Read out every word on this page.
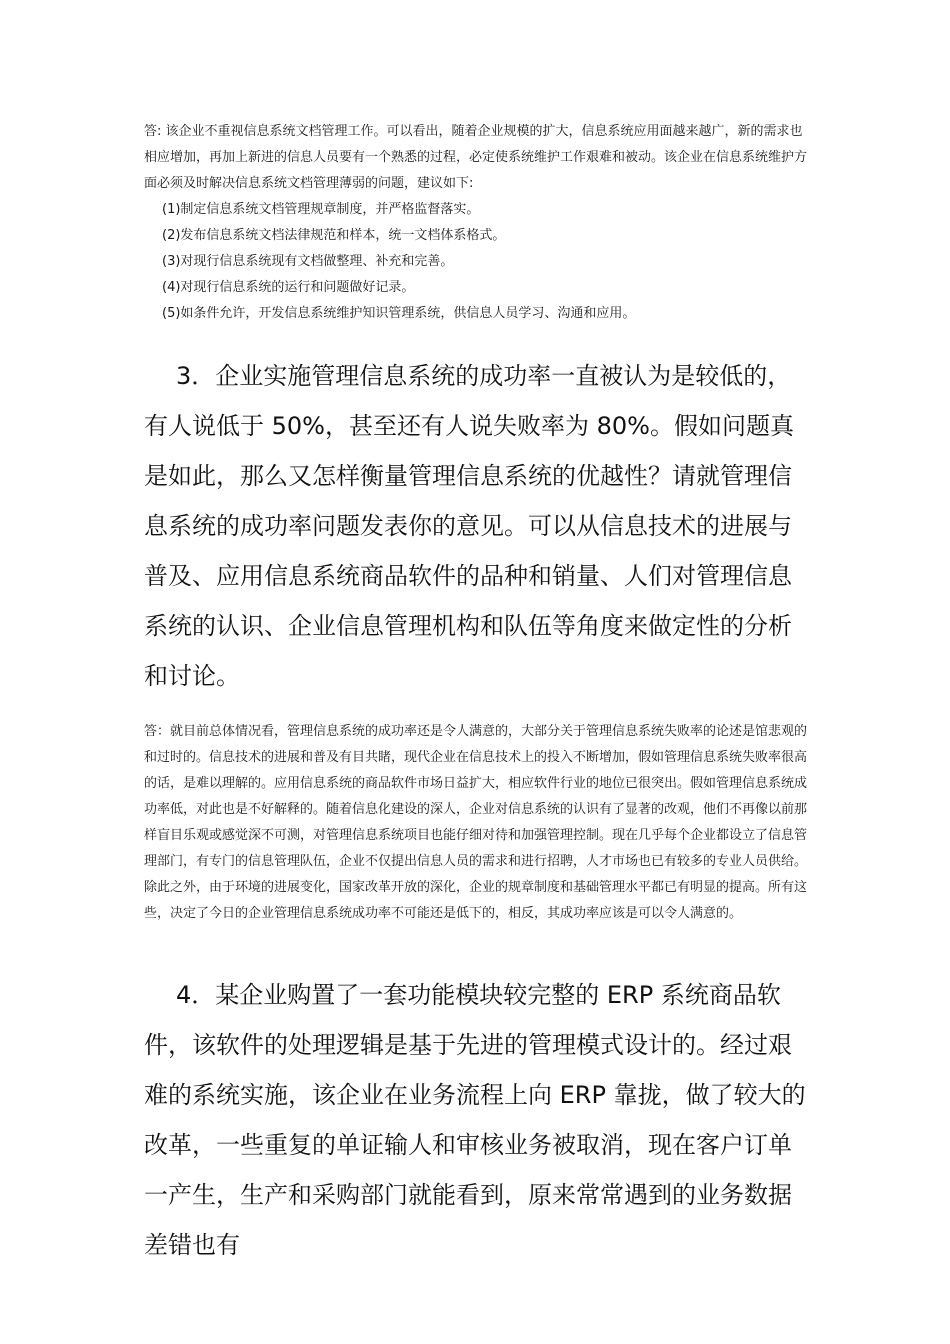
答: 该企业不重视信息系统文档管理工作。可以看出，随着企业规模的扩大，信息系统应用面越来越广，新的需求也相应增加，再加上新进的信息人员要有一个熟悉的过程，必定使系统维护工作艰难和被动。该企业在信息系统维护方面必须及时解决信息系统文档管理薄弱的问题，建议如下:

(1)制定信息系统文档管理规章制度，并严格监督落实。

(2)发布信息系统文档法律规范和样本，统一文档体系格式。

(3)对现行信息系统现有文档做整理、补充和完善。

(4)对现行信息系统的运行和问题做好记录。

(5)如条件允许，开发信息系统维护知识管理系统，供信息人员学习、沟通和应用。

3．企业实施管理信息系统的成功率一直被认为是较低的，有人说低于 50%，甚至还有人说失败率为 80%。假如问题真是如此，那么又怎样衡量管理信息系统的优越性？请就管理信息系统的成功率问题发表你的意见。可以从信息技术的进展与普及、应用信息系统商品软件的品种和销量、人们对管理信息系统的认识、企业信息管理机构和队伍等角度来做定性的分析和讨论。

答：就目前总体情况看，管理信息系统的成功率还是令人满意的，大部分关于管理信息系统失败率的论述是馆悲观的和过时的。信息技术的进展和普及有目共睹，现代企业在信息技术上的投入不断增加，假如管理信息系统失败率很高的话，是难以理解的。应用信息系统的商品软件市场日益扩大，相应软件行业的地位已很突出。假如管理信息系统成功率低，对此也是不好解释的。随着信息化建设的深人，企业对信息系统的认识有了显著的改观，他们不再像以前那样盲目乐观或感觉深不可测，对管理信息系统项目也能仔细对待和加强管理控制。现在几乎每个企业都设立了信息管理部门，有专门的信息管理队伍，企业不仅提出信息人员的需求和进行招聘，人才市场也已有较多的专业人员供给。除此之外，由于环境的进展变化，国家改革开放的深化，企业的规章制度和基础管理水平都已有明显的提高。所有这些，决定了今日的企业管理信息系统成功率不可能还是低下的，相反，其成功率应该是可以令人满意的。

4．某企业购置了一套功能模块较完整的 ERP 系统商品软件，该软件的处理逻辑是基于先进的管理模式设计的。经过艰难的系统实施，该企业在业务流程上向 ERP 靠拢，做了较大的改革，一些重复的单证输人和审核业务被取消，现在客户订单一产生，生产和采购部门就能看到，原来常常遇到的业务数据差错也有
